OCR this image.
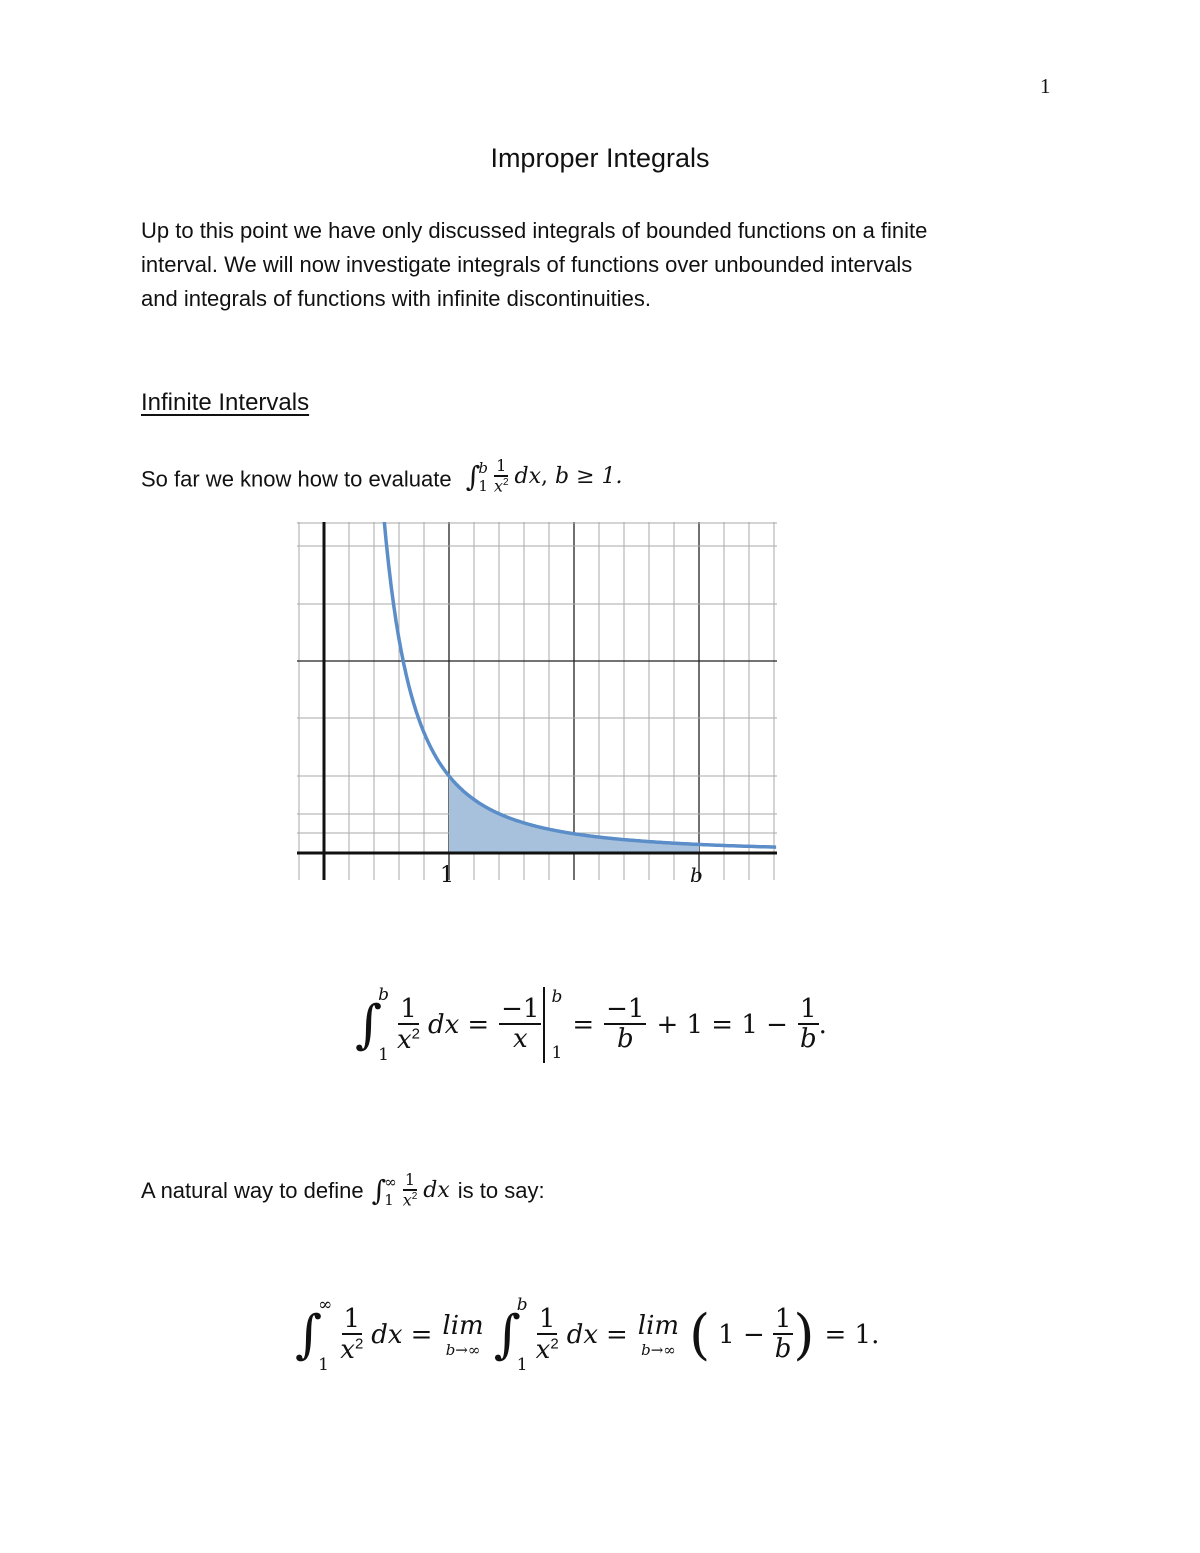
1
Improper Integrals
Up to this point we have only discussed integrals of bounded functions on a finite
interval. We will now investigate integrals of functions over unbounded intervals
and integrals of functions with infinite discontinuities.
Infinite Intervals
So far we know how to evaluate ∫
b
$1 \frac{1}{x^2}$ dx , b ≥ 1.
1	b
∫
b
1
$\frac{1}{x^2}$ dx = $\frac{-1}{x}$ b
1
= $\frac{-1}{b} + 1 = 1 - \frac{1}{b}$ .
A natural way to define ∫
∞
$1 \frac{1}{x^2}$ dx is to say:
∫
∞
1
$\frac{1}{x^2}$ dx = lim
b→∞ ∫
b
1
$\frac{1}{x^2}$ dx = lim
b→∞ ( $1 - \frac{1}{b}$ ) = 1.
